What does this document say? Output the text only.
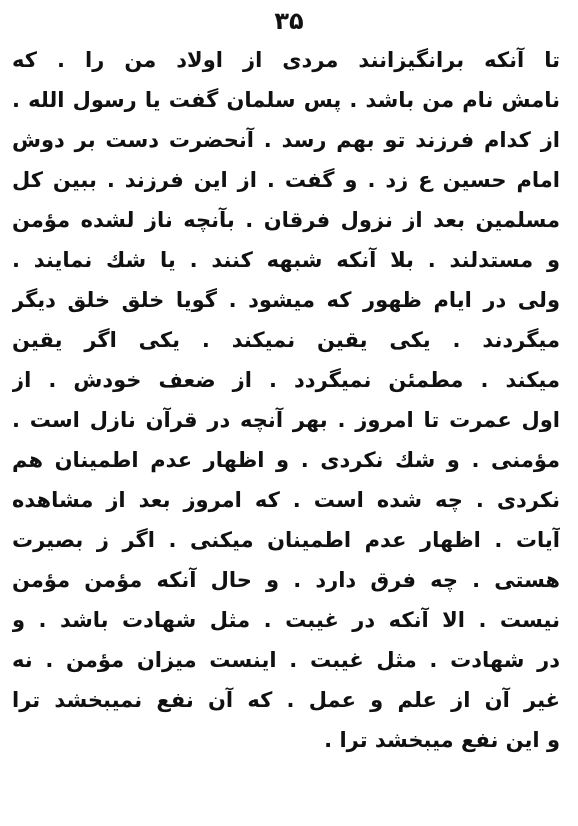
۳۵
تا آنکه برانگیزانند مردی از اولاد من را . که
نامش نام من باشد . پس سلمان گفت یا رسول الله .
از کدام فرزند تو بهم رسد . آنحضرت دست بر دوش
امام حسین ع زد . و گفت . از این فرزند . ببین کل
مسلمین بعد از نزول فرقان . بآنچه ناز لشده مؤمن
و مستدلند . بلا آنکه شبهه کنند . یا شك نمایند .
ولی در ایام ظهور که میشود . گویا خلق خلق دیگر
میگردند . یکی یقین نمیکند . یکی اگر یقین
میکند . مطمئن نمیگردد . از ضعف خودش . از
اول عمرت تا امروز . بهر آنچه در قرآن نازل است .
مؤمنی . و شك نکردی . و اظهار عدم اطمینان هم
نکردی . چه شده است . که امروز بعد از مشاهده
آیات . اظهار عدم اطمینان میکنی . اگر ز بصیرت
هستی . چه فرق دارد . و حال آنکه مؤمن مؤمن
نیست . الا آنکه در غیبت . مثل شهادت باشد . و
در شهادت . مثل غیبت . اینست میزان مؤمن . نه
غیر آن از علم و عمل . که آن نفع نمیبخشد ترا
و این نفع میبخشد ترا .
